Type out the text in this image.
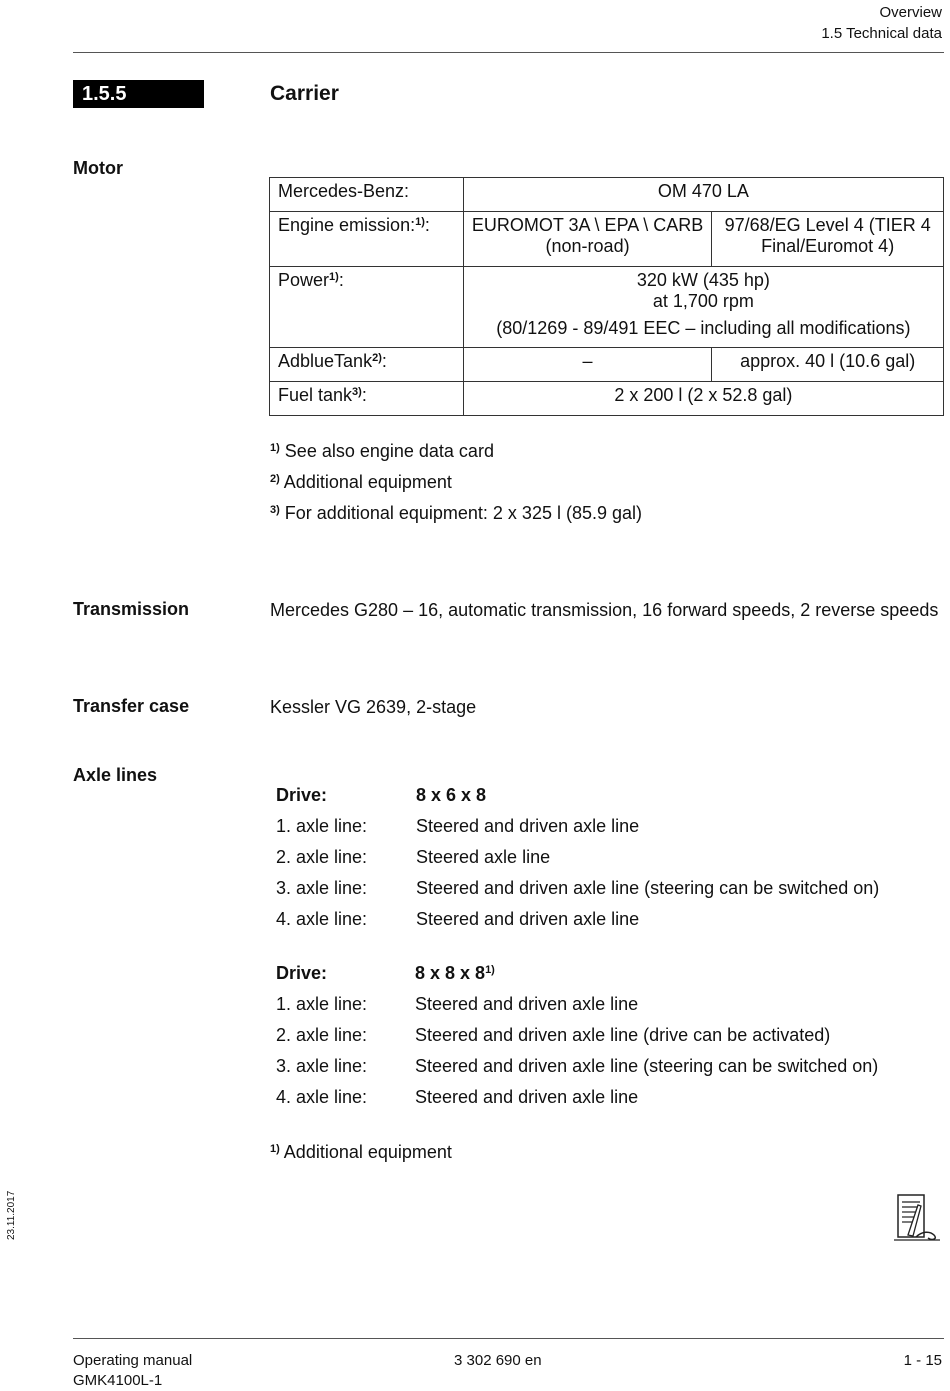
Overview
1.5 Technical data
1.5.5	Carrier
Motor
Mercedes-Benz:	OM 470 LA	
Engine emission:$^{1)}$:	EUROMOT 3A \ EPA \ CARB (non-road)	97/68/EG Level 4 (TIER 4 Final/Euromot 4)
Power$^{1)}$:	320 kW (435 hp)
at 1,700 rpm
(80/1269 - 89/491 EEC – including all modifications)	

AdblueTank$^{2)}$:	–	approx. 40 l (10.6 gal)
Fuel tank$^{3)}$:	2 x 200 l (2 x 52.8 gal)	
$^{1)}$ See also engine data card
$^{2)}$ Additional equipment
$^{3)}$ For additional equipment: 2 x 325 l (85.9 gal)
Transmission	Mercedes G280 – 16, automatic transmission, 16 forward speeds, 2 reverse speeds
Transfer case	Kessler VG 2639, 2-stage
Axle lines
Drive:	8 x 6 x 8
1. axle line:	Steered and driven axle line
2. axle line:	Steered axle line
3. axle line:	Steered and driven axle line (steering can be switched on)
4. axle line:	Steered and driven axle line
Drive:	8 x 8 x 8$^{1)}$
1. axle line:	Steered and driven axle line
2. axle line:	Steered and driven axle line (drive can be activated)
3. axle line:	Steered and driven axle line (steering can be switched on)
4. axle line:	Steered and driven axle line
$^{1)}$ Additional equipment
23.11.2017
Operating manual
GMK4100L-1
3 302 690 en	1 - 15
